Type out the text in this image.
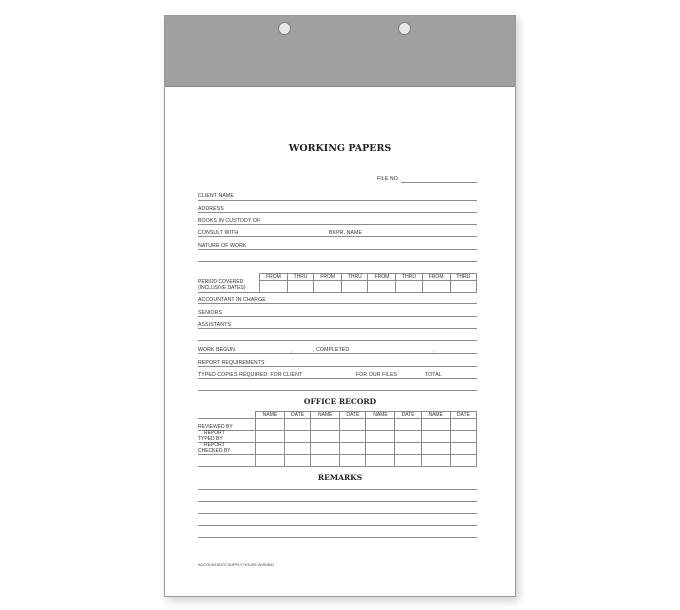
WORKING PAPERS
FILE NO.
CLIENT NAME
ADDRESS
BOOKS IN CUSTODY OF
CONSULT WITH	BKPR. NAME
NATURE OF WORK
PERIOD COVERED
(INCLUSIVE DATES)	FROM	THRU	FROM	THRU	FROM	THRU	FROM	THRU

ACCOUNTANT IN CHARGE
SENIORS
ASSISTANTS
WORK BEGUN	,	, COMPLETED	,
REPORT REQUIREMENTS
TYPED COPIES REQUIRED: FOR CLIENT	FOR OUR FILES	TOTAL
OFFICE RECORD
	NAME	DATE	NAME	DATE	NAME	DATE	NAME	DATE
REVIEWED BY								
REPORT
TYPED BY								
REPORT
CHECKED BY								

REMARKS
ACCOUNTANTS SUPPLY HOUSE WISH841
